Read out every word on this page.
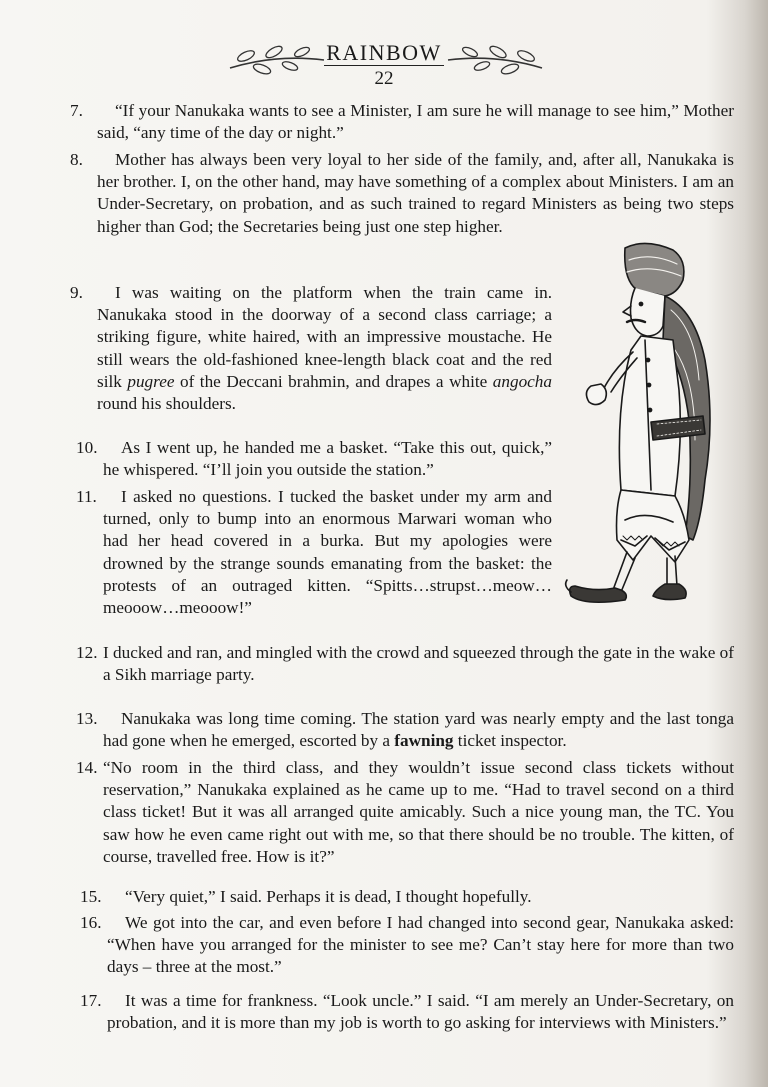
RAINBOW
22
7.	“If your Nanukaka wants to see a Minister, I am sure he will manage to see him,” Mother said, “any time of the day or night.”

8.	Mother has always been very loyal to her side of the family, and, after all, Nanukaka is her brother. I, on the other hand, may have something of a complex about Ministers. I am an Under-Secretary, on probation, and as such trained to regard Ministers as being two steps higher than God; the Secretaries being just one step higher.

9.	I was waiting on the platform when the train came in. Nanukaka stood in the doorway of a second class carriage; a striking figure, white haired, with an impressive moustache. He still wears the old-fashioned knee-length black coat and the red silk pugree of the Deccani brahmin, and drapes a white angocha round his shoulders.

10.	As I went up, he handed me a basket. “Take this out, quick,” he whispered. “I’ll join you outside the station.”

11.	I asked no questions. I tucked the basket under my arm and turned, only to bump into an enormous Marwari woman who had her head covered in a burka. But my apologies were drowned by the strange sounds emanating from the basket: the protests of an outraged kitten. “Spitts…strupst…meow…meooow…meooow!”

12. I ducked and ran, and mingled with the crowd and squeezed through the gate in the wake of a Sikh marriage party.

13.	Nanukaka was long time coming. The station yard was nearly empty and the last tonga had gone when he emerged, escorted by a fawning ticket inspector.

14. “No room in the third class, and they wouldn’t issue second class tickets without reservation,” Nanukaka explained as he came up to me. “Had to travel second on a third class ticket! But it was all arranged quite amicably. Such a nice young man, the TC. You saw how he even came right out with me, so that there should be no trouble. The kitten, of course, travelled free. How is it?”

15.	“Very quiet,” I said. Perhaps it is dead, I thought hopefully.

16.	We got into the car, and even before I had changed into second gear, Nanukaka asked: “When have you arranged for the minister to see me? Can’t stay here for more than two days – three at the most.”

17.	It was a time for frankness. “Look uncle.” I said. “I am merely an Under-Secretary, on probation, and it is more than my job is worth to go asking for interviews with Ministers.”
